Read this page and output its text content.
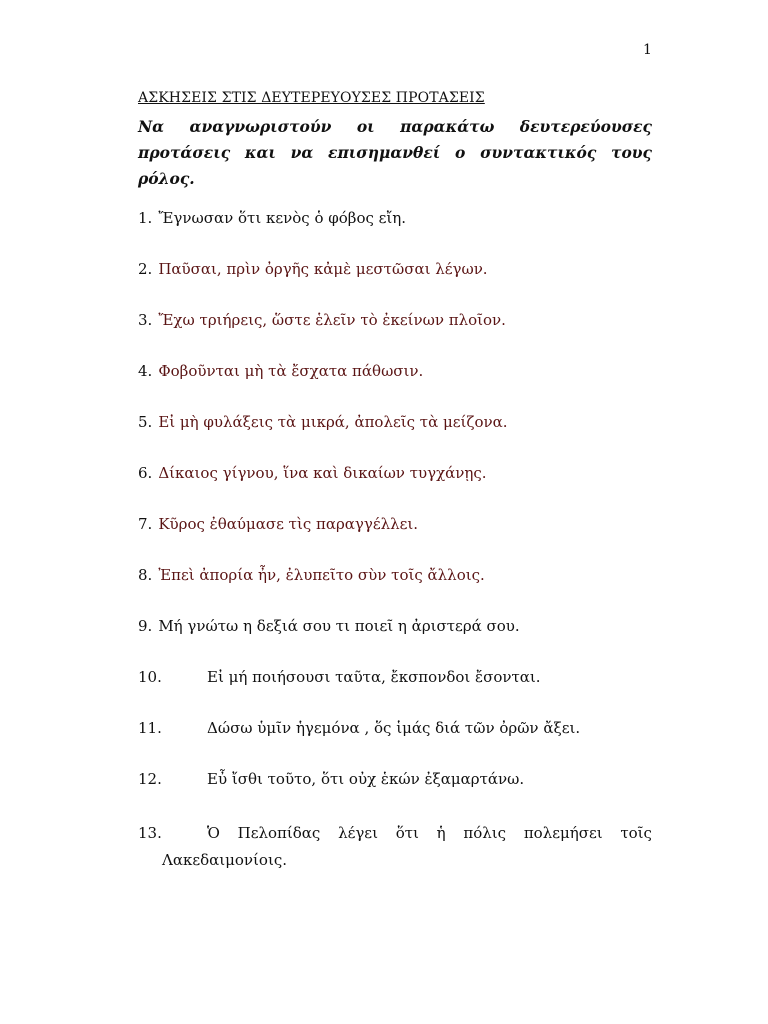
1
ΑΣΚΗΣΕΙΣ ΣΤΙΣ ΔΕΥΤΕΡΕΥΟΥΣΕΣ ΠΡΟΤΑΣΕΙΣ
Να αναγνωριστούν οι παρακάτω δευτερεύουσες προτάσεις και να επισημανθεί ο συντακτικός τους ρόλος.
1. Ἔγνωσαν ὅτι κενὸς ὁ φόβος εἴη.
2. Παῦσαι, πρὶν ὀργῆς κἀμὲ μεστῶσαι λέγων.
3. Ἔχω τριήρεις, ὥστε ἑλεῖν τὸ ἐκείνων πλοῖον.
4. Φοβοῦνται μὴ τὰ ἔσχατα πάθωσιν.
5. Εἰ μὴ φυλάξεις τὰ μικρά, ἀπολεῖς τὰ μείζονα.
6. Δίκαιος γίγνου, ἵνα καὶ δικαίων τυγχάνῃς.
7. Κῦρος ἐθαύμασε τὶς παραγγέλλει.
8. Ἐπεὶ ἀπορία ἦν, ἐλυπεῖτο σὺν τοῖς ἄλλοις.
9. Μή γνώτω η δεξιά σου τι ποιεῖ η ἀριστερά σου.
10.	Εἰ μή ποιήσουσι ταῦτα, ἔκσπονδοι ἔσονται.
11.	Δώσω ὑμῖν ἡγεμόνα , ὅς ἱμάς διά τῶν ὀρῶν ἄξει.
12.	Εὖ ἴσθι τοῦτο, ὅτι οὐχ ἑκών ἐξαμαρτάνω.
13.	Ὁ Πελοπίδας λέγει ὅτι ἡ πόλις πολεμήσει τοῖς
Λακεδαιμονίοις.
